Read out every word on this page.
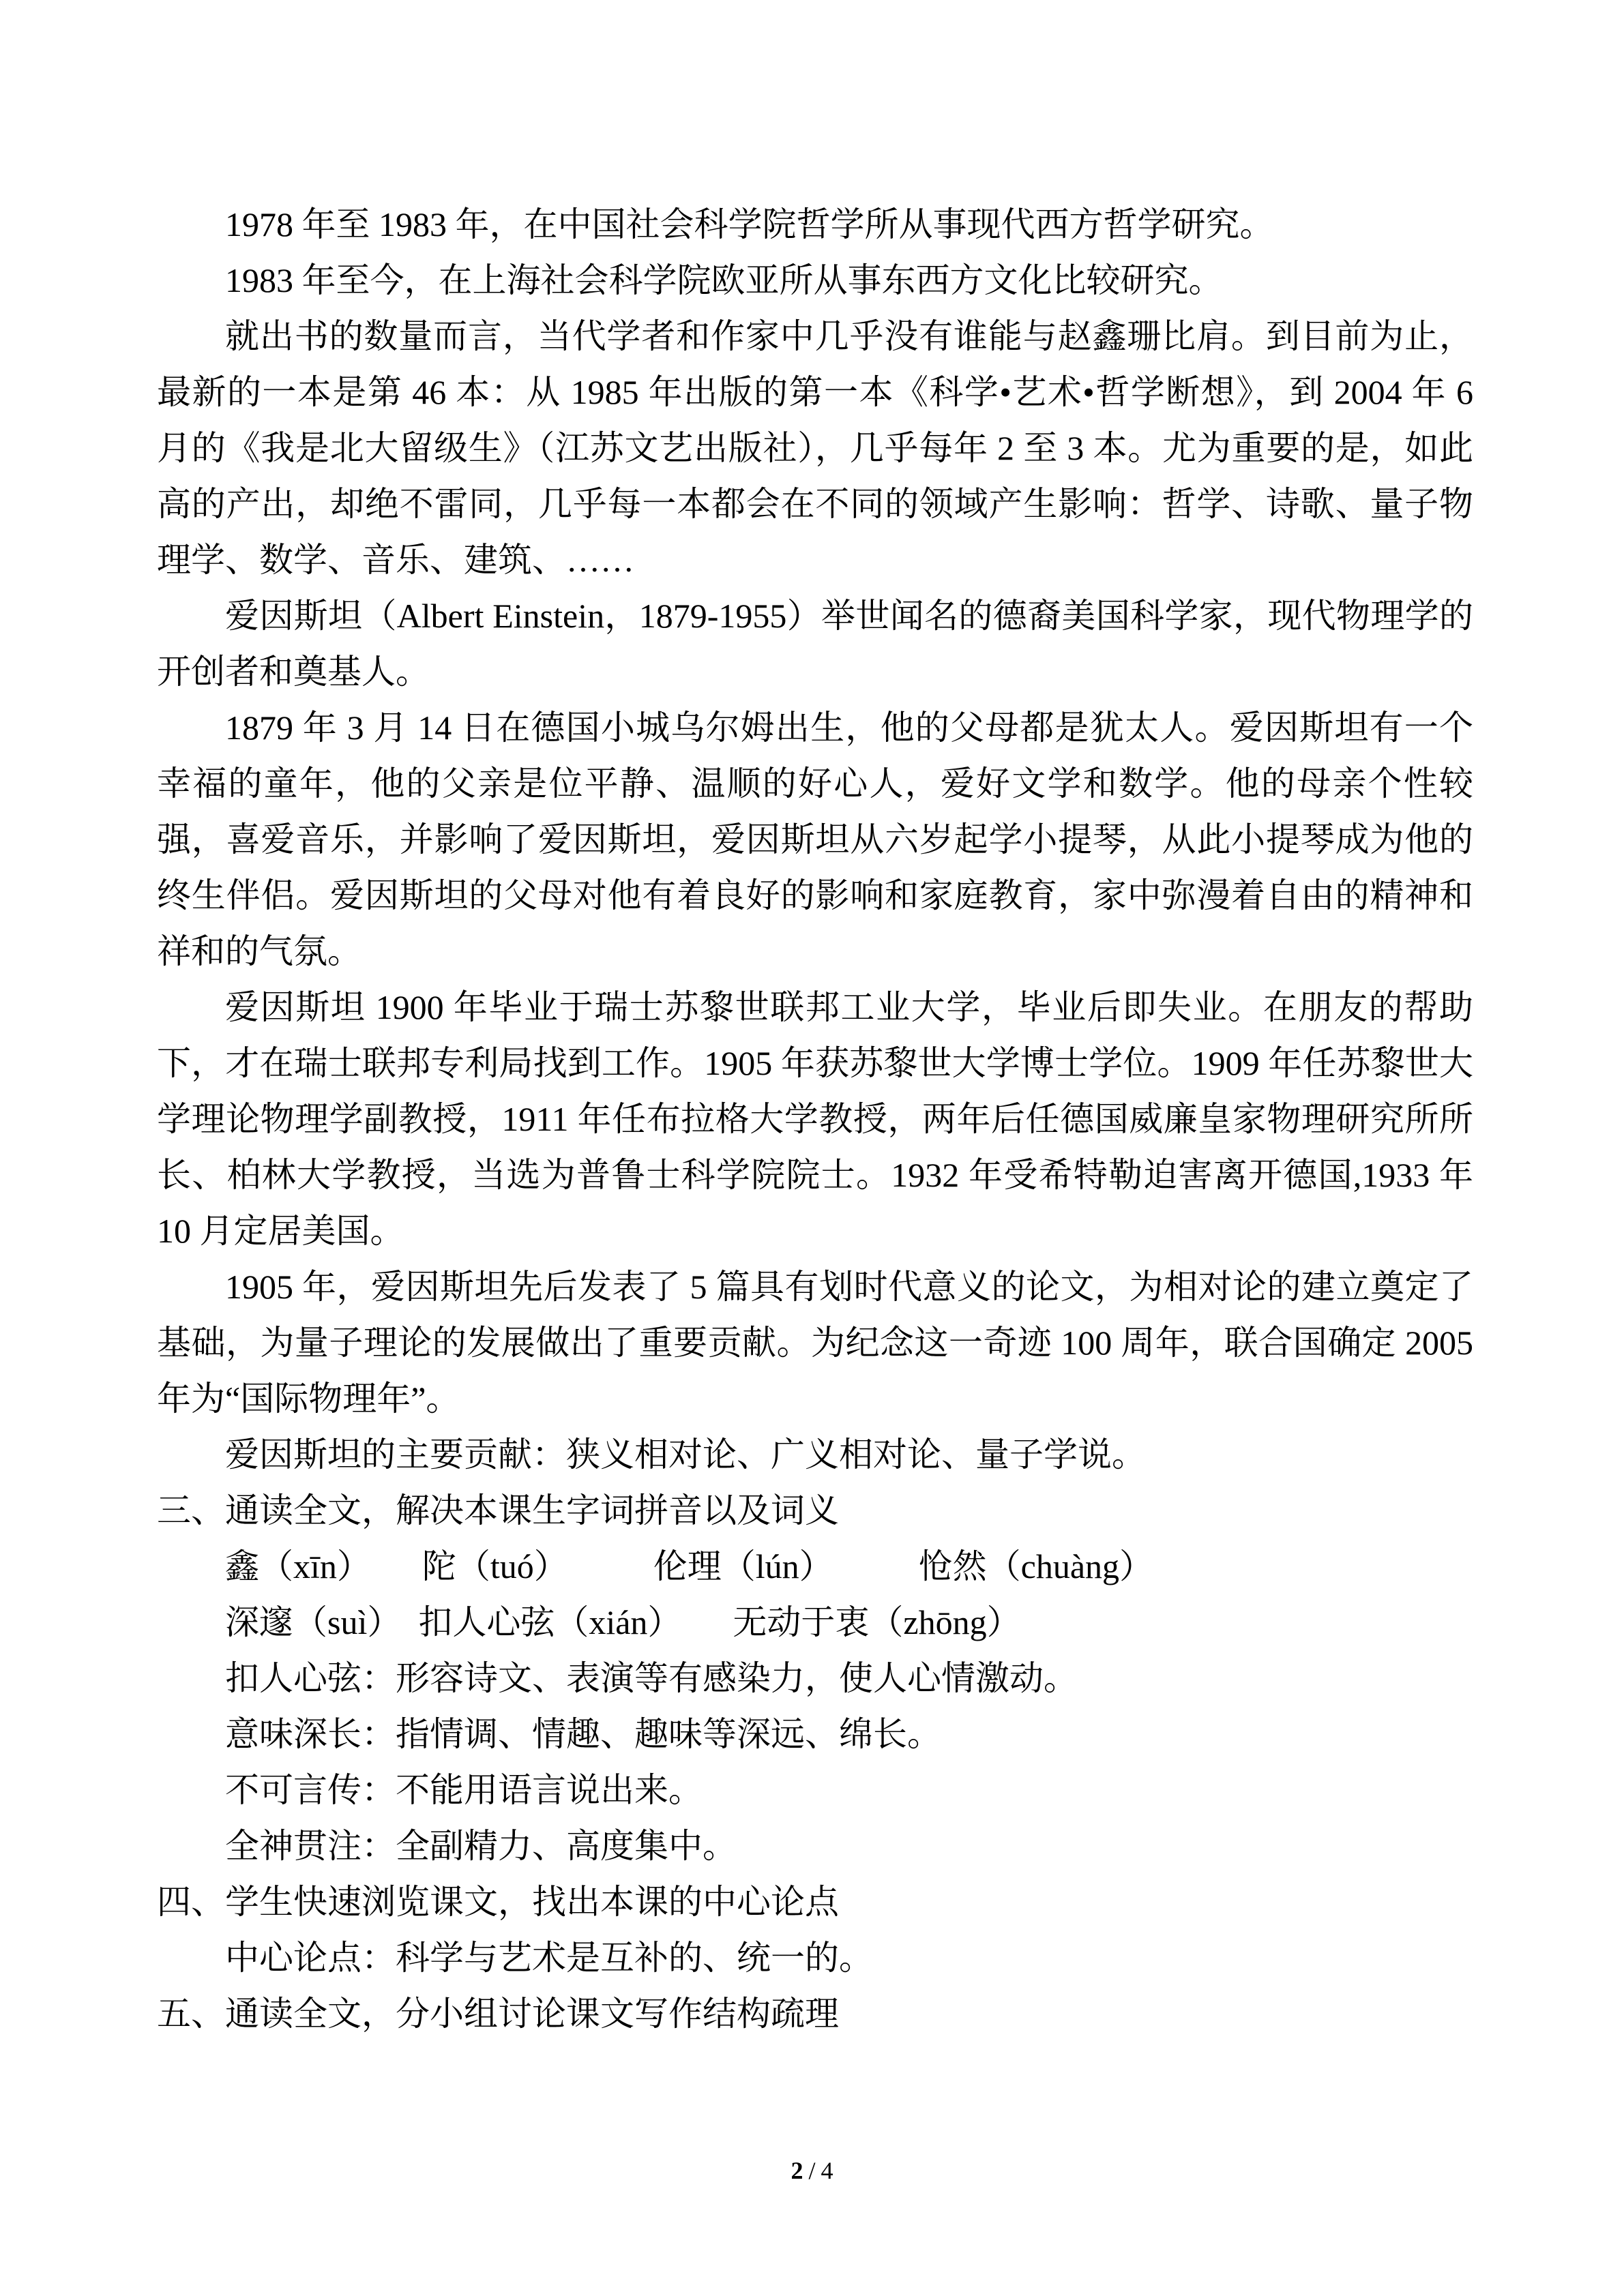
1978 年至 1983 年，在中国社会科学院哲学所从事现代西方哲学研究。

1983 年至今，在上海社会科学院欧亚所从事东西方文化比较研究。

就出书的数量而言，当代学者和作家中几乎没有谁能与赵鑫珊比肩。到目前为止，最新的一本是第 46 本：从 1985 年出版的第一本《科学•艺术•哲学断想》，到 2004 年 6 月的《我是北大留级生》（江苏文艺出版社），几乎每年 2 至 3 本。尤为重要的是，如此高的产出，却绝不雷同，几乎每一本都会在不同的领域产生影响：哲学、诗歌、量子物理学、数学、音乐、建筑、……

爱因斯坦（Albert Einstein，1879-1955）举世闻名的德裔美国科学家，现代物理学的开创者和奠基人。

1879 年 3 月 14 日在德国小城乌尔姆出生，他的父母都是犹太人。爱因斯坦有一个幸福的童年，他的父亲是位平静、温顺的好心人，爱好文学和数学。他的母亲个性较强，喜爱音乐，并影响了爱因斯坦，爱因斯坦从六岁起学小提琴，从此小提琴成为他的终生伴侣。爱因斯坦的父母对他有着良好的影响和家庭教育，家中弥漫着自由的精神和祥和的气氛。

爱因斯坦 1900 年毕业于瑞士苏黎世联邦工业大学，毕业后即失业。在朋友的帮助下，才在瑞士联邦专利局找到工作。1905 年获苏黎世大学博士学位。1909 年任苏黎世大学理论物理学副教授，1911 年任布拉格大学教授，两年后任德国威廉皇家物理研究所所长、柏林大学教授，当选为普鲁士科学院院士。1932 年受希特勒迫害离开德国,1933 年 10 月定居美国。

1905 年，爱因斯坦先后发表了 5 篇具有划时代意义的论文，为相对论的建立奠定了基础，为量子理论的发展做出了重要贡献。为纪念这一奇迹 100 周年，联合国确定 2005 年为“国际物理年”。

爱因斯坦的主要贡献：狭义相对论、广义相对论、量子学说。

三、通读全文，解决本课生字词拼音以及词义

鑫（xīn）　　陀（tuó）　　　伦理（lún）　　　怆然（chuàng）

深邃（suì）　扣人心弦（xián）　　无动于衷（zhōng）

扣人心弦：形容诗文、表演等有感染力，使人心情激动。

意味深长：指情调、情趣、趣味等深远、绵长。

不可言传：不能用语言说出来。

全神贯注：全副精力、高度集中。

四、学生快速浏览课文，找出本课的中心论点

中心论点：科学与艺术是互补的、统一的。

五、通读全文，分小组讨论课文写作结构疏理

2 / 4
